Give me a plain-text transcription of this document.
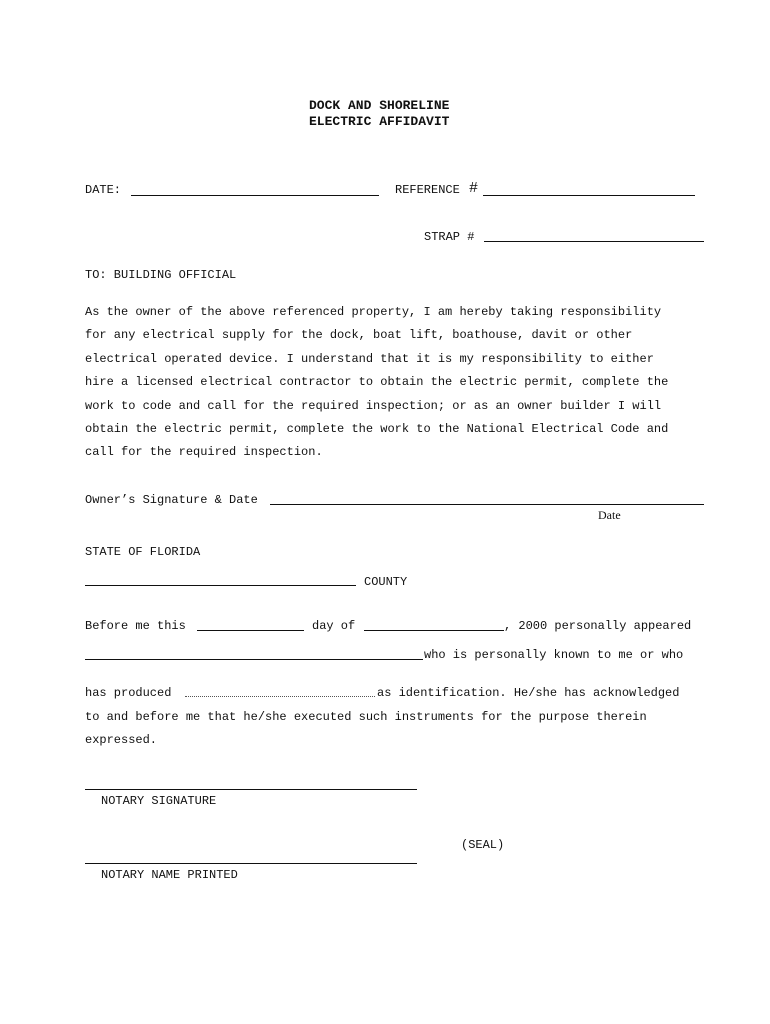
DOCK AND SHORELINE
ELECTRIC AFFIDAVIT
DATE:	REFERENCE #
STRAP #
TO: BUILDING OFFICIAL
As the owner of the above referenced property, I am hereby taking responsibility
for any electrical supply for the dock, boat lift, boathouse, davit or other
electrical operated device. I understand that it is my responsibility to either
hire a licensed electrical contractor to obtain the electric permit, complete the
work to code and call for the required inspection; or as an owner builder I will
obtain the electric permit, complete the work to the National Electrical Code and
call for the required inspection.
Owner’s Signature & Date
Date
STATE OF FLORIDA
COUNTY
Before me this	day of	, 2000 personally appeared
who is personally known to me or who
has produced	as identification. He/she has acknowledged
to and before me that he/she executed such instruments for the purpose therein
expressed.
NOTARY SIGNATURE
(SEAL)
NOTARY NAME PRINTED
